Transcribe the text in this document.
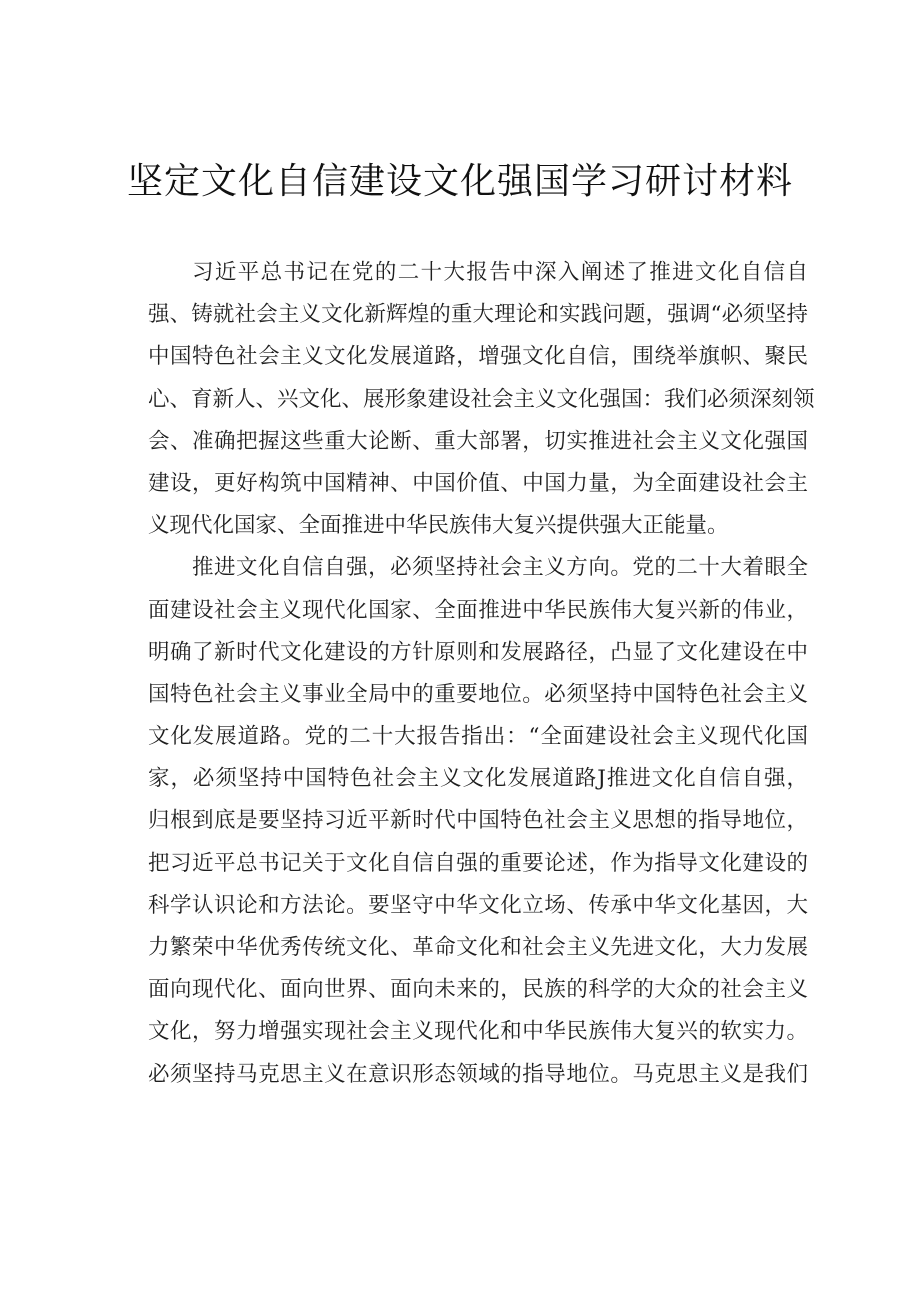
坚定文化自信建设文化强国学习研讨材料
习近平总书记在党的二十大报告中深入阐述了推进文化自信自
强、铸就社会主义文化新辉煌的重大理论和实践问题，强调“必须坚持
中国特色社会主义文化发展道路，增强文化自信，围绕举旗帜、聚民
心、育新人、兴文化、展形象建设社会主义文化强国：我们必须深刻领
会、准确把握这些重大论断、重大部署，切实推进社会主义文化强国
建设，更好构筑中国精神、中国价值、中国力量，为全面建设社会主
义现代化国家、全面推进中华民族伟大复兴提供强大正能量。
推进文化自信自强，必须坚持社会主义方向。党的二十大着眼全
面建设社会主义现代化国家、全面推进中华民族伟大复兴新的伟业，
明确了新时代文化建设的方针原则和发展路径，凸显了文化建设在中
国特色社会主义事业全局中的重要地位。必须坚持中国特色社会主义
文化发展道路。党的二十大报告指出：“全面建设社会主义现代化国
家，必须坚持中国特色社会主义文化发展道路J推进文化自信自强，
归根到底是要坚持习近平新时代中国特色社会主义思想的指导地位，
把习近平总书记关于文化自信自强的重要论述，作为指导文化建设的
科学认识论和方法论。要坚守中华文化立场、传承中华文化基因，大
力繁荣中华优秀传统文化、革命文化和社会主义先进文化，大力发展
面向现代化、面向世界、面向未来的，民族的科学的大众的社会主义
文化，努力增强实现社会主义现代化和中华民族伟大复兴的软实力。
必须坚持马克思主义在意识形态领域的指导地位。马克思主义是我们
